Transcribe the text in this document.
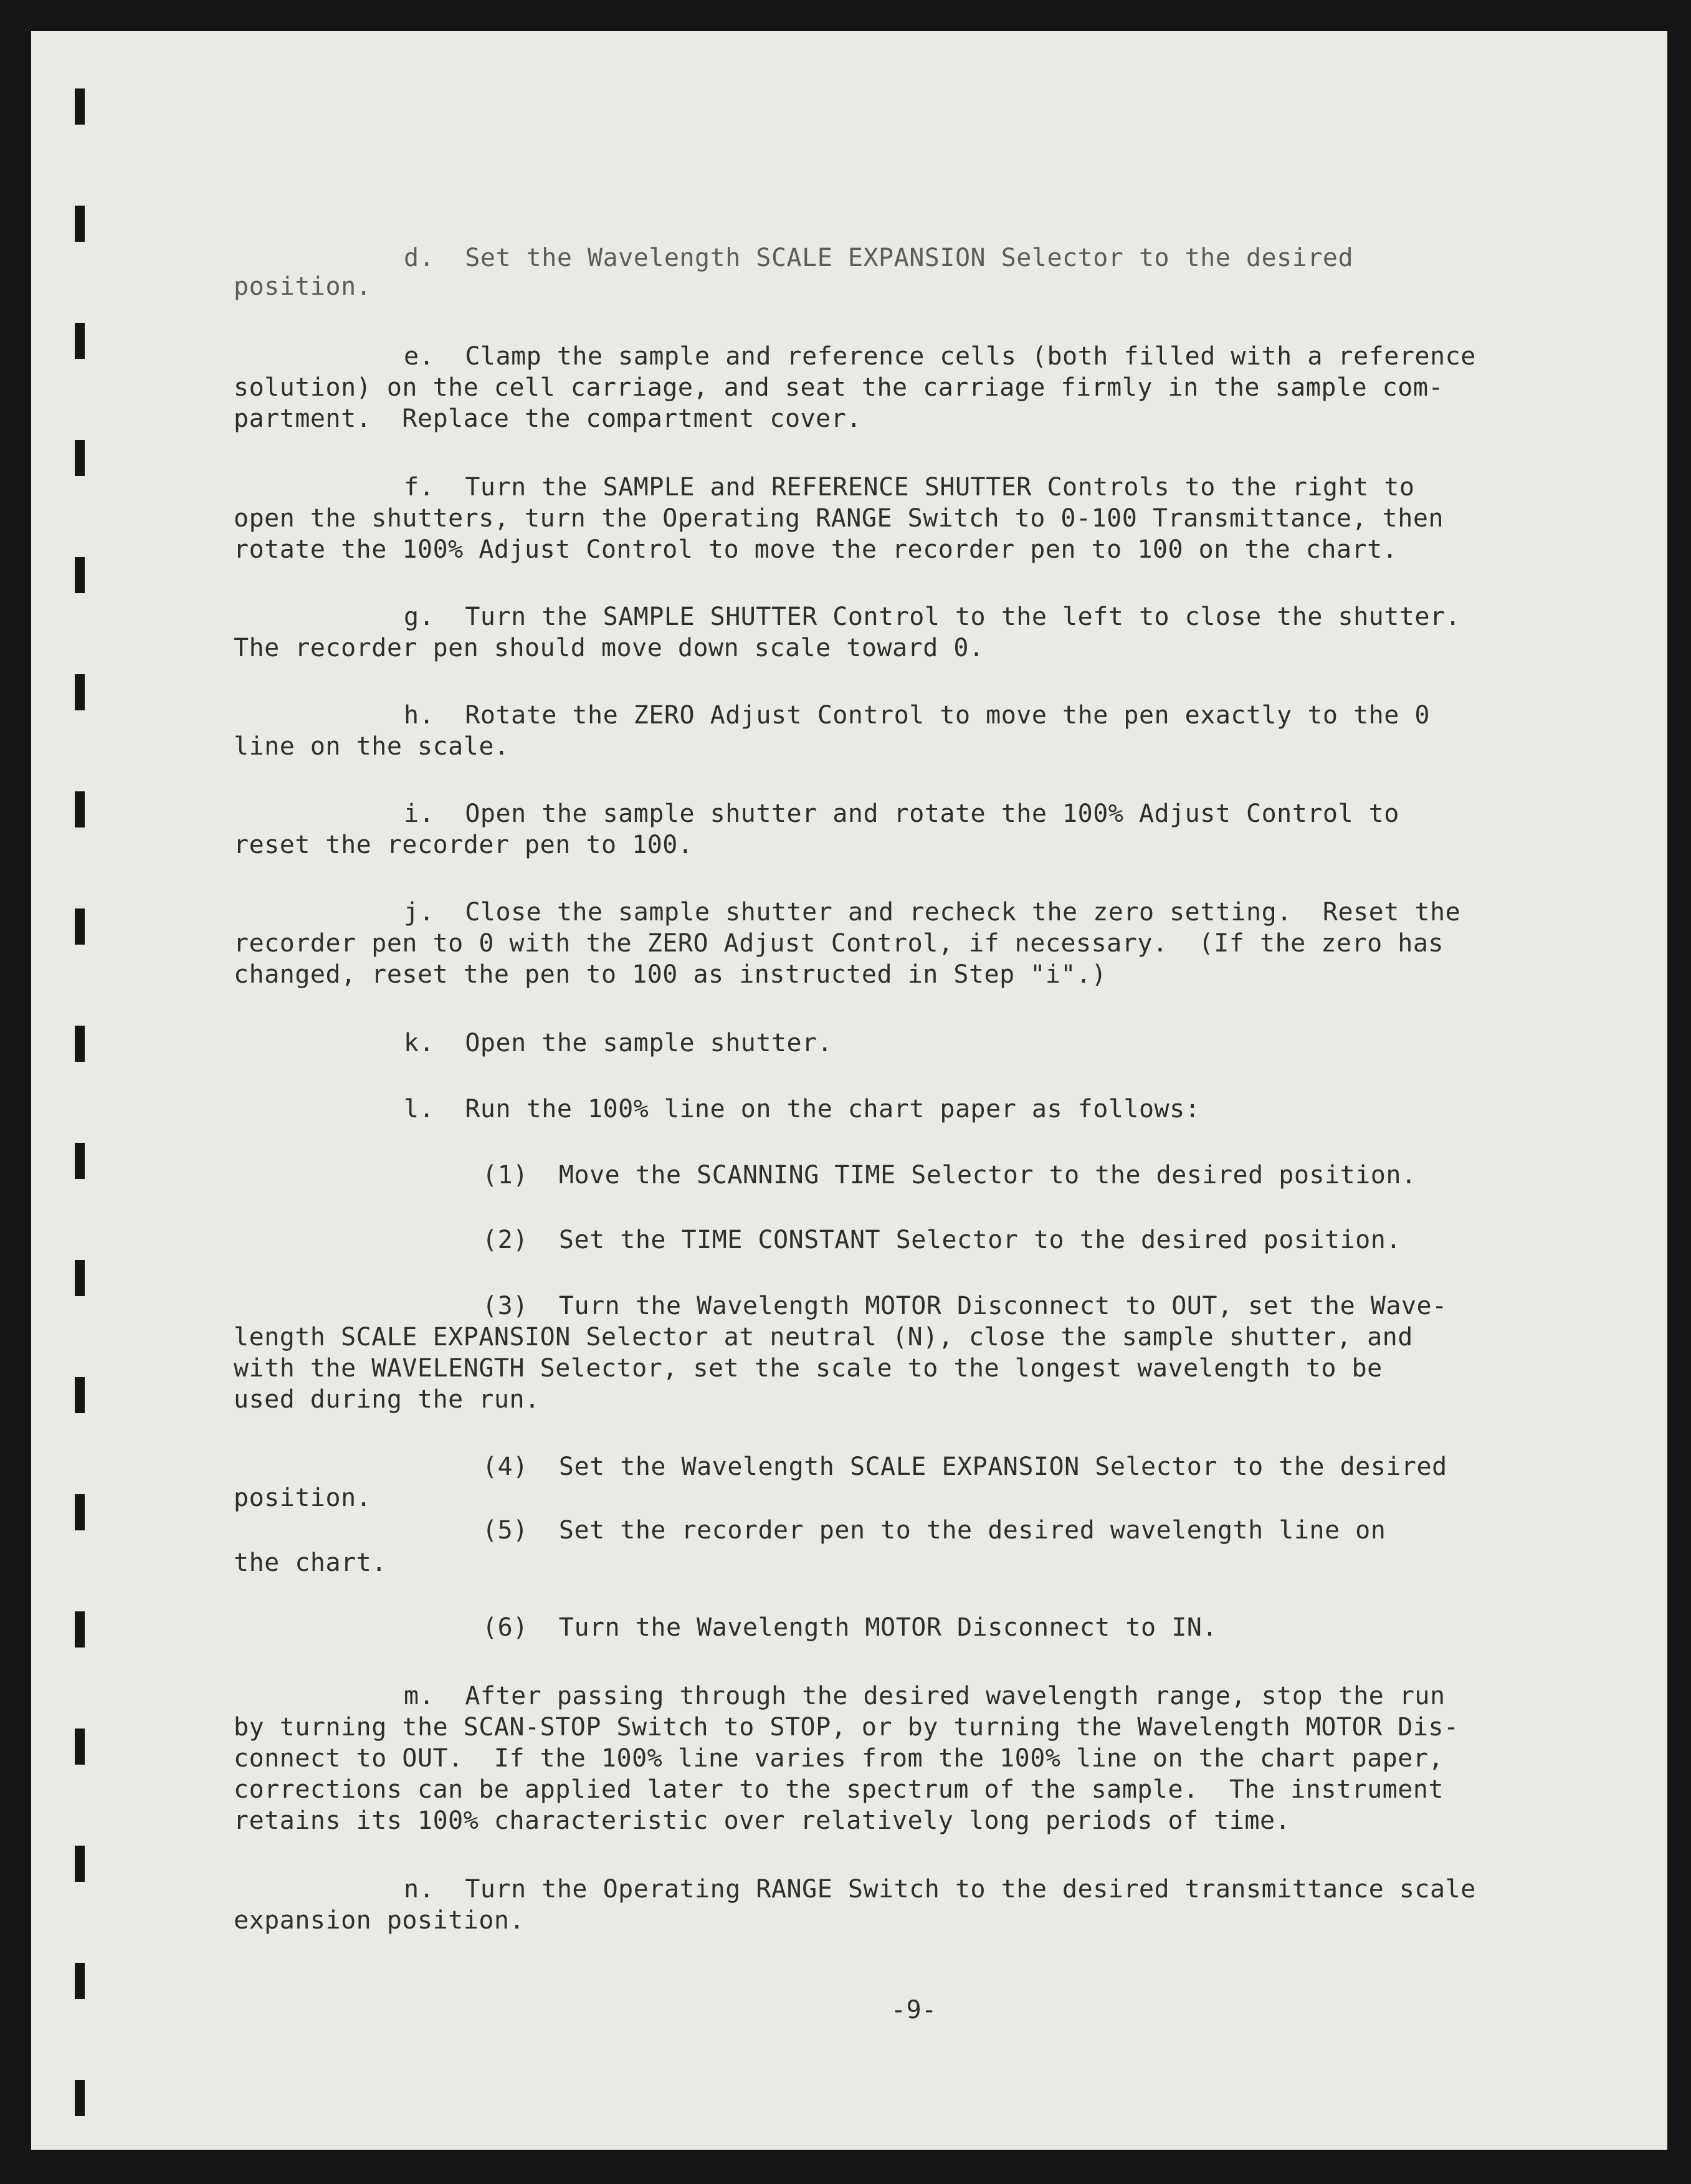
d.  Set the Wavelength SCALE EXPANSION Selector to the desired

position.

e.  Clamp the sample and reference cells (both filled with a reference

solution) on the cell carriage, and seat the carriage firmly in the sample com-

partment.  Replace the compartment cover.

f.  Turn the SAMPLE and REFERENCE SHUTTER Controls to the right to

open the shutters, turn the Operating RANGE Switch to 0-100 Transmittance, then

rotate the 100% Adjust Control to move the recorder pen to 100 on the chart.

g.  Turn the SAMPLE SHUTTER Control to the left to close the shutter.

The recorder pen should move down scale toward 0.

h.  Rotate the ZERO Adjust Control to move the pen exactly to the 0

line on the scale.

i.  Open the sample shutter and rotate the 100% Adjust Control to

reset the recorder pen to 100.

j.  Close the sample shutter and recheck the zero setting.  Reset the

recorder pen to 0 with the ZERO Adjust Control, if necessary.  (If the zero has

changed, reset the pen to 100 as instructed in Step "i".)

k.  Open the sample shutter.

l.  Run the 100% line on the chart paper as follows:

(1)  Move the SCANNING TIME Selector to the desired position.

(2)  Set the TIME CONSTANT Selector to the desired position.

(3)  Turn the Wavelength MOTOR Disconnect to OUT, set the Wave-

length SCALE EXPANSION Selector at neutral (N), close the sample shutter, and

with the WAVELENGTH Selector, set the scale to the longest wavelength to be

used during the run.

(4)  Set the Wavelength SCALE EXPANSION Selector to the desired

position.

(5)  Set the recorder pen to the desired wavelength line on

the chart.

(6)  Turn the Wavelength MOTOR Disconnect to IN.

m.  After passing through the desired wavelength range, stop the run

by turning the SCAN-STOP Switch to STOP, or by turning the Wavelength MOTOR Dis-

connect to OUT.  If the 100% line varies from the 100% line on the chart paper,

corrections can be applied later to the spectrum of the sample.  The instrument

retains its 100% characteristic over relatively long periods of time.

n.  Turn the Operating RANGE Switch to the desired transmittance scale

expansion position.

-9-
